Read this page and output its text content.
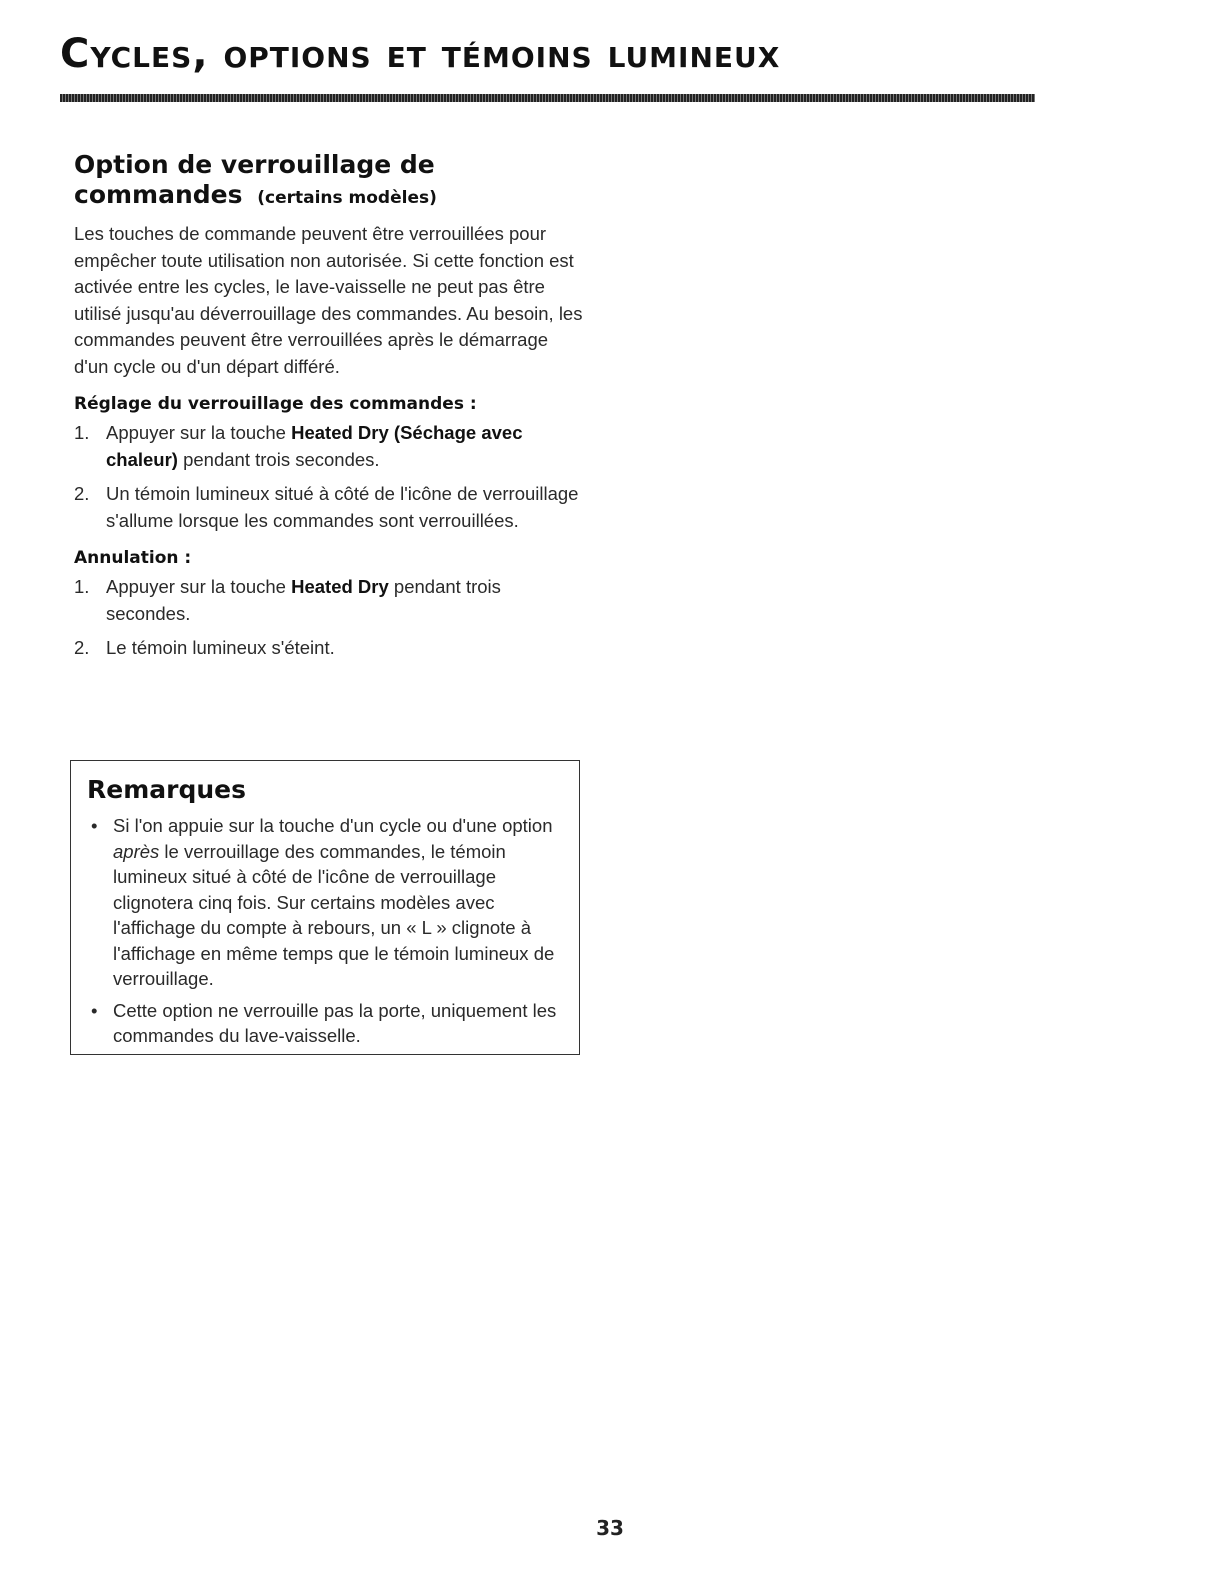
Cycles, options et témoins lumineux
Option de verrouillage de commandes (certains modèles)

Les touches de commande peuvent être verrouillées pour empêcher toute utilisation non autorisée. Si cette fonction est activée entre les cycles, le lave-vaisselle ne peut pas être utilisé jusqu'au déverrouillage des commandes. Au besoin, les commandes peuvent être verrouillées après le démarrage d'un cycle ou d'un départ différé.

Réglage du verrouillage des commandes :
1. Appuyer sur la touche Heated Dry (Séchage avec chaleur) pendant trois secondes.
2. Un témoin lumineux situé à côté de l'icône de verrouillage s'allume lorsque les commandes sont verrouillées.
Annulation :
1. Appuyer sur la touche Heated Dry pendant trois secondes.
2. Le témoin lumineux s'éteint.
Remarques
• Si l'on appuie sur la touche d'un cycle ou d'une option après le verrouillage des commandes, le témoin lumineux situé à côté de l'icône de verrouillage clignotera cinq fois. Sur certains modèles avec l'affichage du compte à rebours, un « L » clignote à l'affichage en même temps que le témoin lumineux de verrouillage.
• Cette option ne verrouille pas la porte, uniquement les commandes du lave-vaisselle.
33
